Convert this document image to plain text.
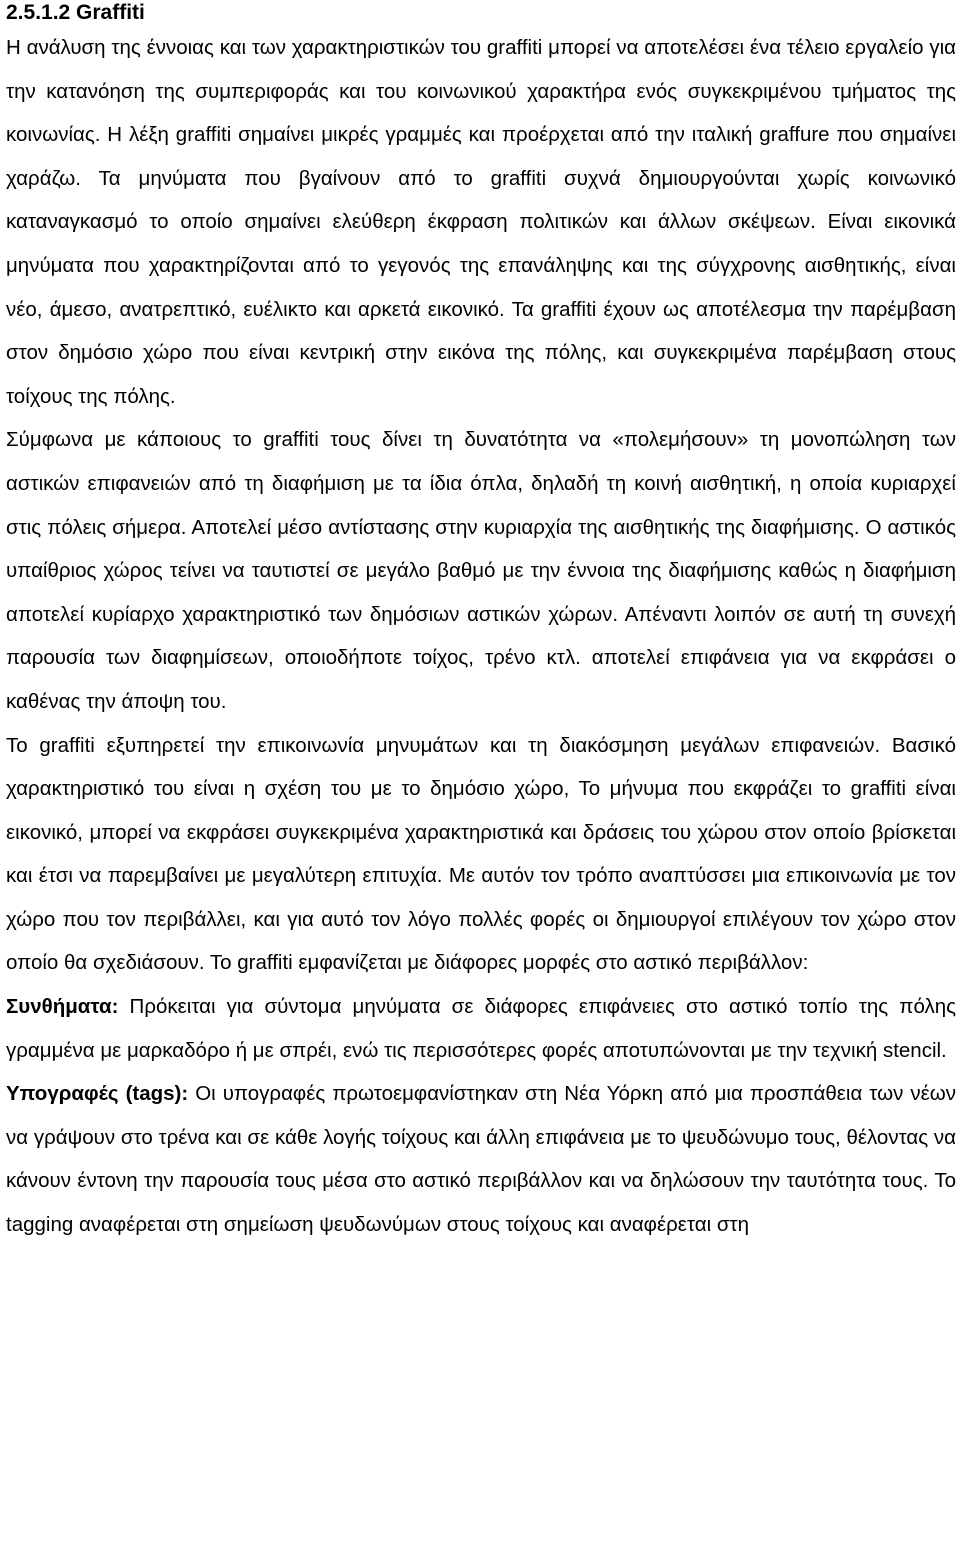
2.5.1.2 Graffiti

Η ανάλυση της έννοιας και των χαρακτηριστικών του graffiti μπορεί να αποτελέσει ένα τέλειο εργαλείο για την κατανόηση της συμπεριφοράς και του κοινωνικού χαρακτήρα ενός συγκεκριμένου τμήματος της κοινωνίας. Η λέξη graffiti σημαίνει μικρές γραμμές και προέρχεται από την ιταλική graffure που σημαίνει χαράζω. Τα μηνύματα που βγαίνουν από το graffiti συχνά δημιουργούνται χωρίς κοινωνικό καταναγκασμό το οποίο σημαίνει ελεύθερη έκφραση πολιτικών και άλλων σκέψεων. Είναι εικονικά μηνύματα που χαρακτηρίζονται από το γεγονός της επανάληψης και της σύγχρονης αισθητικής, είναι νέο, άμεσο, ανατρεπτικό, ευέλικτο και αρκετά εικονικό. Τα graffiti έχουν ως αποτέλεσμα την παρέμβαση στον δημόσιο χώρο που είναι κεντρική στην εικόνα της πόλης, και συγκεκριμένα παρέμβαση στους τοίχους της πόλης.

Σύμφωνα με κάποιους το graffiti τους δίνει τη δυνατότητα να «πολεμήσουν» τη μονοπώληση των αστικών επιφανειών από τη διαφήμιση με τα ίδια όπλα, δηλαδή τη κοινή αισθητική, η οποία κυριαρχεί στις πόλεις σήμερα. Αποτελεί μέσο αντίστασης στην κυριαρχία της αισθητικής της διαφήμισης. Ο αστικός υπαίθριος χώρος τείνει να ταυτιστεί σε μεγάλο βαθμό με την έννοια της διαφήμισης καθώς η διαφήμιση αποτελεί κυρίαρχο χαρακτηριστικό των δημόσιων αστικών χώρων. Απέναντι λοιπόν σε αυτή τη συνεχή παρουσία των διαφημίσεων, οποιοδήποτε τοίχος, τρένο κτλ. αποτελεί επιφάνεια για να εκφράσει ο καθένας την άποψη του.

Το graffiti εξυπηρετεί την επικοινωνία μηνυμάτων και τη διακόσμηση μεγάλων επιφανειών. Βασικό χαρακτηριστικό του είναι η σχέση του με το δημόσιο χώρο, Το μήνυμα που εκφράζει το graffiti είναι εικονικό, μπορεί να εκφράσει συγκεκριμένα χαρακτηριστικά και δράσεις του χώρου στον οποίο βρίσκεται και έτσι να παρεμβαίνει με μεγαλύτερη επιτυχία. Με αυτόν τον τρόπο αναπτύσσει μια επικοινωνία με τον χώρο που τον περιβάλλει, και για αυτό τον λόγο πολλές φορές οι δημιουργοί επιλέγουν τον χώρο στον οποίο θα σχεδιάσουν. Το graffiti εμφανίζεται με διάφορες μορφές στο αστικό περιβάλλον:

Συνθήματα: Πρόκειται για σύντομα μηνύματα σε διάφορες επιφάνειες στο αστικό τοπίο της πόλης γραμμένα με μαρκαδόρο ή με σπρέι, ενώ τις περισσότερες φορές αποτυπώνονται με την τεχνική stencil.

Υπογραφές (tags): Οι υπογραφές πρωτοεμφανίστηκαν στη Νέα Υόρκη από μια προσπάθεια των νέων να γράψουν στο τρένα και σε κάθε λογής τοίχους και άλλη επιφάνεια με το ψευδώνυμο τους, θέλοντας να κάνουν έντονη την παρουσία τους μέσα στο αστικό περιβάλλον και να δηλώσουν την ταυτότητα τους. Το tagging αναφέρεται στη σημείωση ψευδωνύμων στους τοίχους και αναφέρεται στη
